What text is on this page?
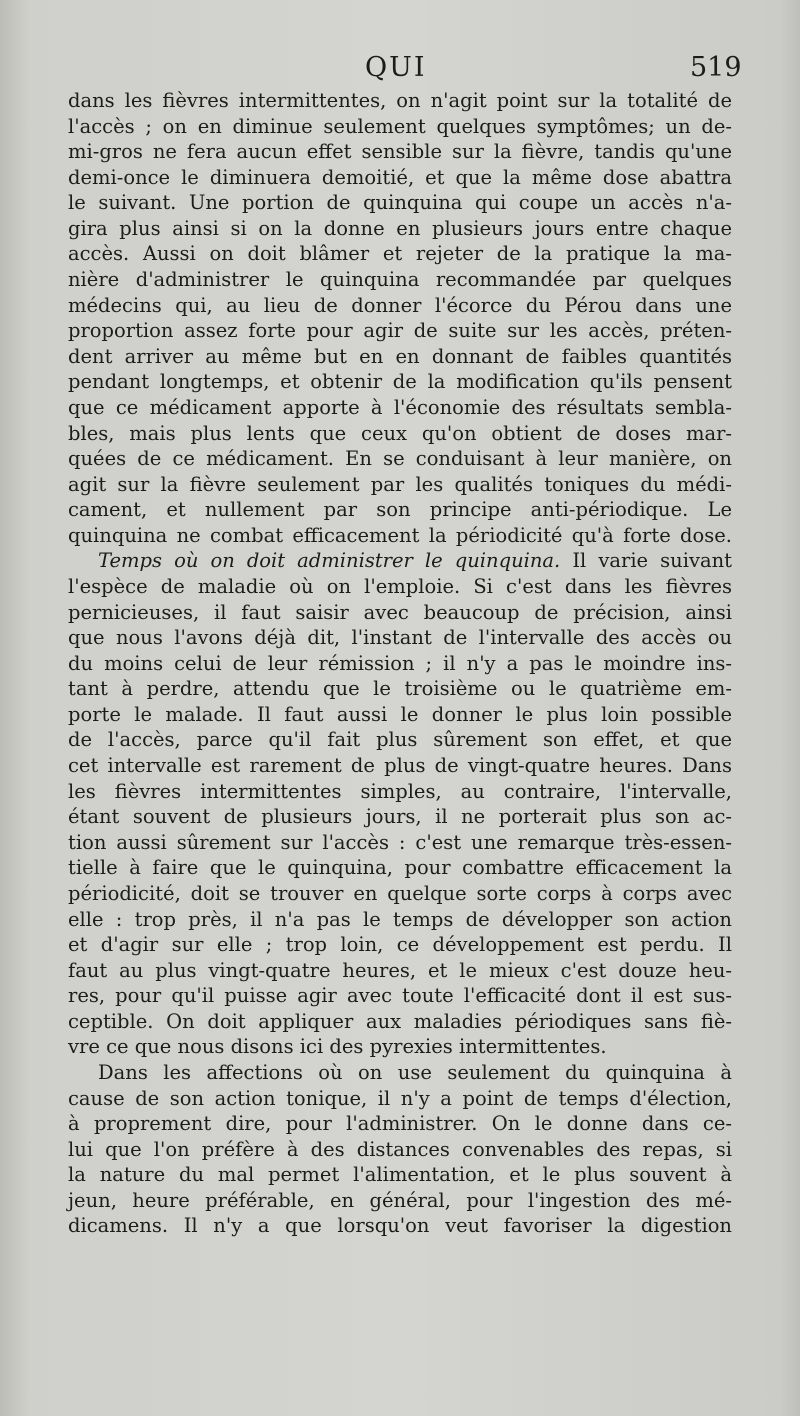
QUI	519
dans les fièvres intermittentes, on n'agit point sur la totalité de
l'accès ; on en diminue seulement quelques symptômes; un de-
mi-gros ne fera aucun effet sensible sur la fièvre, tandis qu'une
demi-once le diminuera demoitié, et que la même dose abattra
le suivant. Une portion de quinquina qui coupe un accès n'a-
gira plus ainsi si on la donne en plusieurs jours entre chaque
accès. Aussi on doit blâmer et rejeter de la pratique la ma-
nière d'administrer le quinquina recommandée par quelques
médecins qui, au lieu de donner l'écorce du Pérou dans une
proportion assez forte pour agir de suite sur les accès, préten-
dent arriver au même but en en donnant de faibles quantités
pendant longtemps, et obtenir de la modification qu'ils pensent
que ce médicament apporte à l'économie des résultats sembla-
bles, mais plus lents que ceux qu'on obtient de doses mar-
quées de ce médicament. En se conduisant à leur manière, on
agit sur la fièvre seulement par les qualités toniques du médi-
cament, et nullement par son principe anti-périodique. Le
quinquina ne combat efficacement la périodicité qu'à forte dose.
Temps où on doit administrer le quinquina. Il varie suivant
l'espèce de maladie où on l'emploie. Si c'est dans les fièvres
pernicieuses, il faut saisir avec beaucoup de précision, ainsi
que nous l'avons déjà dit, l'instant de l'intervalle des accès ou
du moins celui de leur rémission ; il n'y a pas le moindre ins-
tant à perdre, attendu que le troisième ou le quatrième em-
porte le malade. Il faut aussi le donner le plus loin possible
de l'accès, parce qu'il fait plus sûrement son effet, et que
cet intervalle est rarement de plus de vingt-quatre heures. Dans
les fièvres intermittentes simples, au contraire, l'intervalle,
étant souvent de plusieurs jours, il ne porterait plus son ac-
tion aussi sûrement sur l'accès : c'est une remarque très-essen-
tielle à faire que le quinquina, pour combattre efficacement la
périodicité, doit se trouver en quelque sorte corps à corps avec
elle : trop près, il n'a pas le temps de développer son action
et d'agir sur elle ; trop loin, ce développement est perdu. Il
faut au plus vingt-quatre heures, et le mieux c'est douze heu-
res, pour qu'il puisse agir avec toute l'efficacité dont il est sus-
ceptible. On doit appliquer aux maladies périodiques sans fiè-
vre ce que nous disons ici des pyrexies intermittentes.
Dans les affections où on use seulement du quinquina à
cause de son action tonique, il n'y a point de temps d'élection,
à proprement dire, pour l'administrer. On le donne dans ce-
lui que l'on préfère à des distances convenables des repas, si
la nature du mal permet l'alimentation, et le plus souvent à
jeun, heure préférable, en général, pour l'ingestion des mé-
dicamens. Il n'y a que lorsqu'on veut favoriser la digestion
